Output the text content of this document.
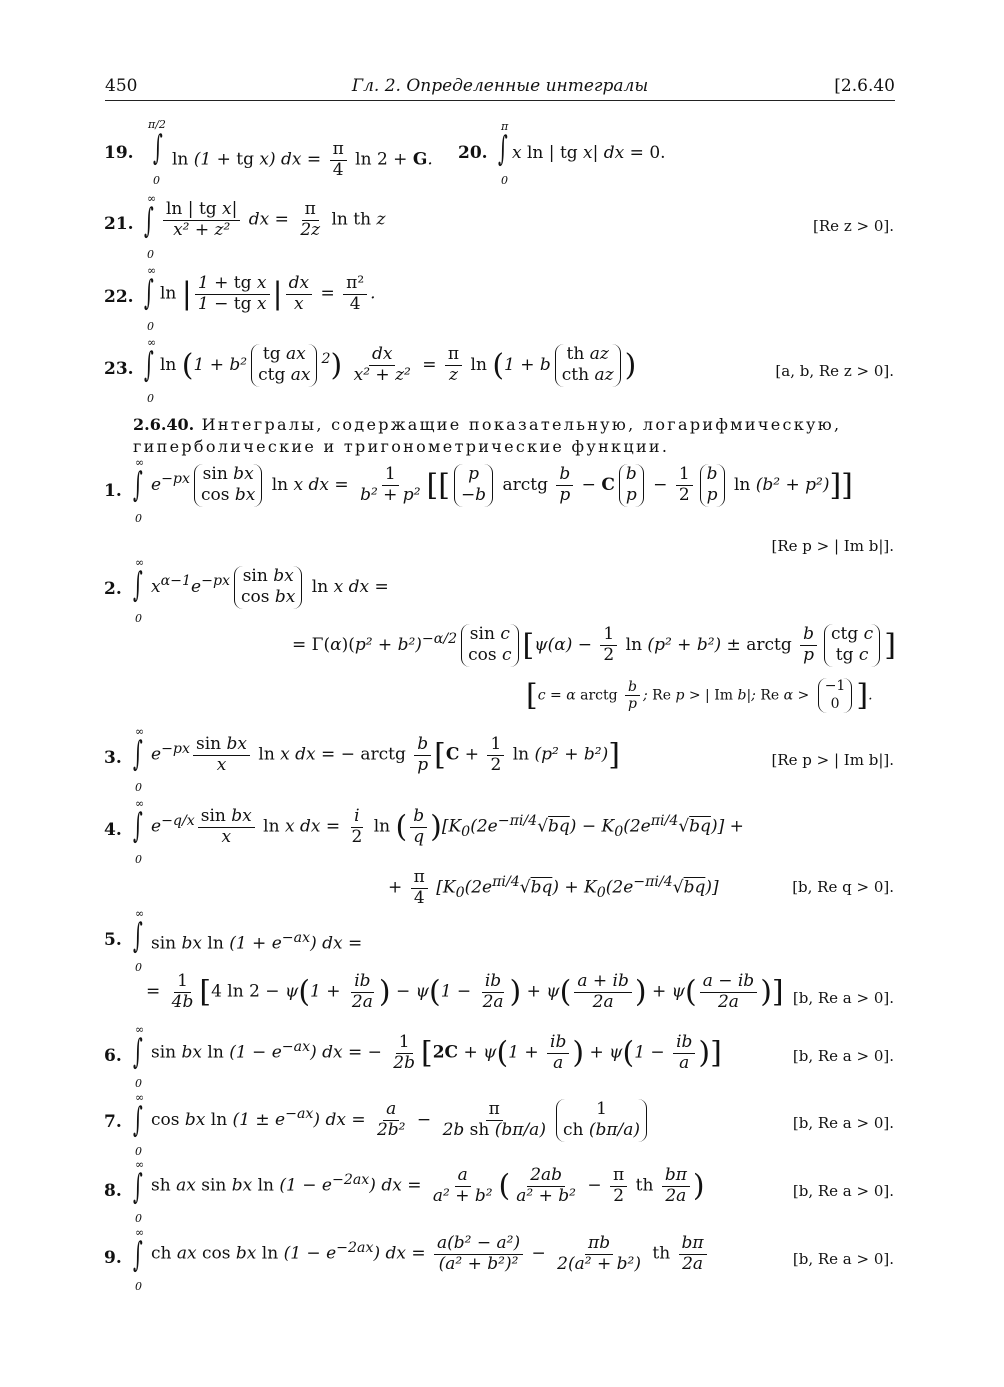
450	Гл. 2. Определенные интегралы	[2.6.40
19.
π/2
∫
0
ln (1 + tg x) dx = $\frac{\pi}{4}$ ln 2 + G. 20.
π
∫
0
x ln | tg x| dx = 0.
21.
∞
∫
0
$\frac{\text{ln | tg x|}}{\text{x² + z²}}$ dx = $\frac{\pi}{2z}$ ln th z	[Re z > 0].
22.
∞
∫
0
ln | $\frac{\text{1 + tg x}}{\text{1 − tg x}}$ | $\frac{dx}{x} = \frac{\text{π²}}{4}$ .
23.
∞
∫
0
ln (1 + b²
tg ax
ctg ax
$^2) \frac{dx}{\text{x² + z²}} = \frac{\pi}{z}$ ln (1 + b
th az
cth az )	[a, b, Re z > 0].
2.6.40. Интегралы, содержащие показательную, логарифмическую, гиперболические и тригонометрические функции.
1.
∞
∫
0
$e^{-px}$ sin bx
cos bx
ln x dx = $\frac{1}{\text{b² + p²}}$ [[ p
−b
arctg $\frac{b}{p} - C$
b
p
− $\frac{1}{2}$ b
p
ln (b² + p²)]]
[Re p > | Im b|].
2.
∞
∫
0
$x^{\alpha-1}e^{-px}$ sin bx
cos bx
ln x dx =
= $\Gamma(\alpha)(p^2 + b^2)^{-\alpha/2}$ sin c
cos c [$\psi(\alpha) - \frac{1}{2}$ ln (p² + b²) ± arctg $\frac{b}{p}$ ctg c
tg c ]
[c = α arctg $\frac{b}{p}$ ; Re p > | Im b|; Re α >
−1
0 ].
3.
∞
∫
0
$e^{-px} \frac{\text{sin bx}}{x}$ ln x dx = − arctg $\frac{b}{p} [C + \frac{1}{2}$ ln (p² + b²)]	[Re p > | Im b|].
4.
∞
∫
0
$e^{-q/x} \frac{\text{sin bx}}{x}$ ln x dx = $\frac{i}{2}$ ln ( $\frac{b}{q} )[K_0(2e^{-\pi i/4}√bq) - K_0(2e^{\pi i/4}√bq)]$ +
+ $\frac{\pi}{4} [K_0(2e^{\pi i/4}√bq) + K_0(2e^{-\pi i/4}√bq)]$	[b, Re q > 0].
5.
∞
∫
0
sin bx $\ln (1 + e^{-ax})$ dx =
= $\frac{1}{4b} [4$ $\ln 2 - \psi(1 + \frac{ib}{2a}$ ) − $\psi(1 - \frac{ib}{2a}$ ) + $\psi( \frac{a + ib}{2a}$ ) + $\psi( \frac{a - ib}{2a}$ )] [b, Re a > 0].
6.
∞
∫
0
sin bx $\ln (1 - e^{-ax})$ dx = − $\frac{1}{2b} [2C + \psi(1 + \frac{ib}{a}$ ) + $\psi(1 - \frac{ib}{a}$ )]	[b, Re a > 0].
7.
∞
∫
0
cos bx $\ln (1 \pm e^{-ax})$ dx = $\frac{a}{\text{2b²}} - \frac{\pi}{\text{2b sh (bπ/a)}}$	1
ch (bπ/a)	[b, Re a > 0].
8.
∞
∫
0
sh ax sin bx $\ln (1 - e^{-2ax})$ dx = $\frac{a}{\text{a² + b²}}$ ( $\frac{2ab}{\text{a² + b²}} - \frac{\pi}{2}$ th $\frac{b\pi}{2a}$ )	[b, Re a > 0].
9.
∞
∫
0
ch ax cos bx $\ln (1 - e^{-2ax})$ dx = $\frac{\text{a(b² − a²)}}{\text{(a² + b²)²}} - \frac{\pi b}{\text{2(a² + b²)}}$ th $\frac{b\pi}{2a}$	[b, Re a > 0].
